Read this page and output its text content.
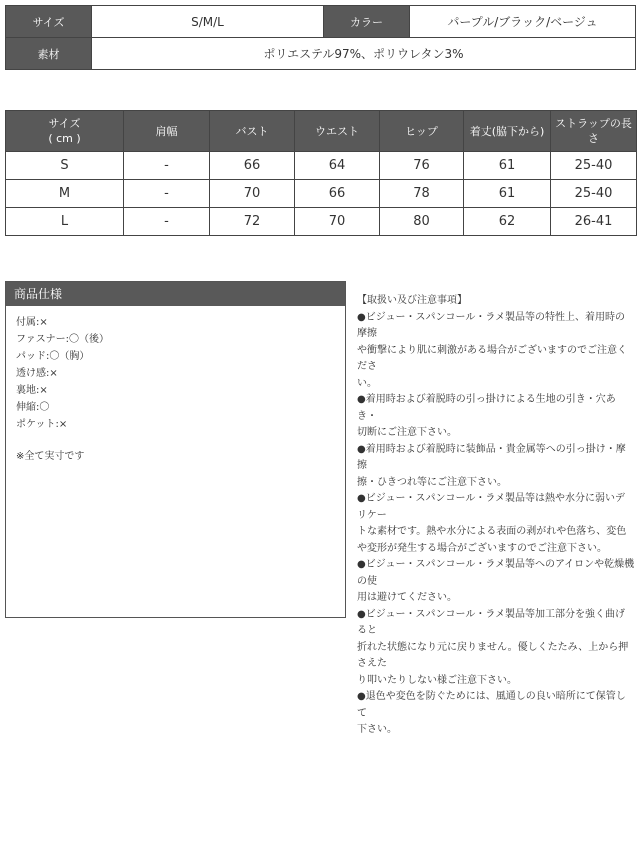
サイズ	S/M/L	カラー	パープル/ブラック/ベージュ
素材	ポリエステル97%、ポリウレタン3%		
サイズ
( cm )	肩幅	バスト	ウエスト	ヒップ	着丈(脇下から)	ストラップの長さ
S	-	66	64	76	61	25-40
M	-	70	66	78	61	25-40
L	-	72	70	80	62	26-41
商品仕様
付属:×
ファスナー:〇（後）
パッド:〇（胸）
透け感:×
裏地:×
伸縮:〇
ポケット:×
※全て実寸です
【取扱い及び注意事項】
●ビジュー・スパンコール・ラメ製品等の特性上、着用時の摩擦
や衝撃により肌に刺激がある場合がございますのでご注意くださ
い。
●着用時および着脱時の引っ掛けによる生地の引き・穴あき・
切断にご注意下さい。
●着用時および着脱時に装飾品・貴金属等への引っ掛け・摩擦
擦・ひきつれ等にご注意下さい。
●ビジュー・スパンコール・ラメ製品等は熱や水分に弱いデリケー
トな素材です。熱や水分による表面の剥がれや色落ち、変色
や変形が発生する場合がございますのでご注意下さい。
●ビジュー・スパンコール・ラメ製品等へのアイロンや乾燥機の使
用は避けてください。
●ビジュー・スパンコール・ラメ製品等加工部分を強く曲げると
折れた状態になり元に戻りません。優しくたたみ、上から押さえた
り叩いたりしない様ご注意下さい。
●退色や変色を防ぐためには、風通しの良い暗所にて保管して
下さい。
